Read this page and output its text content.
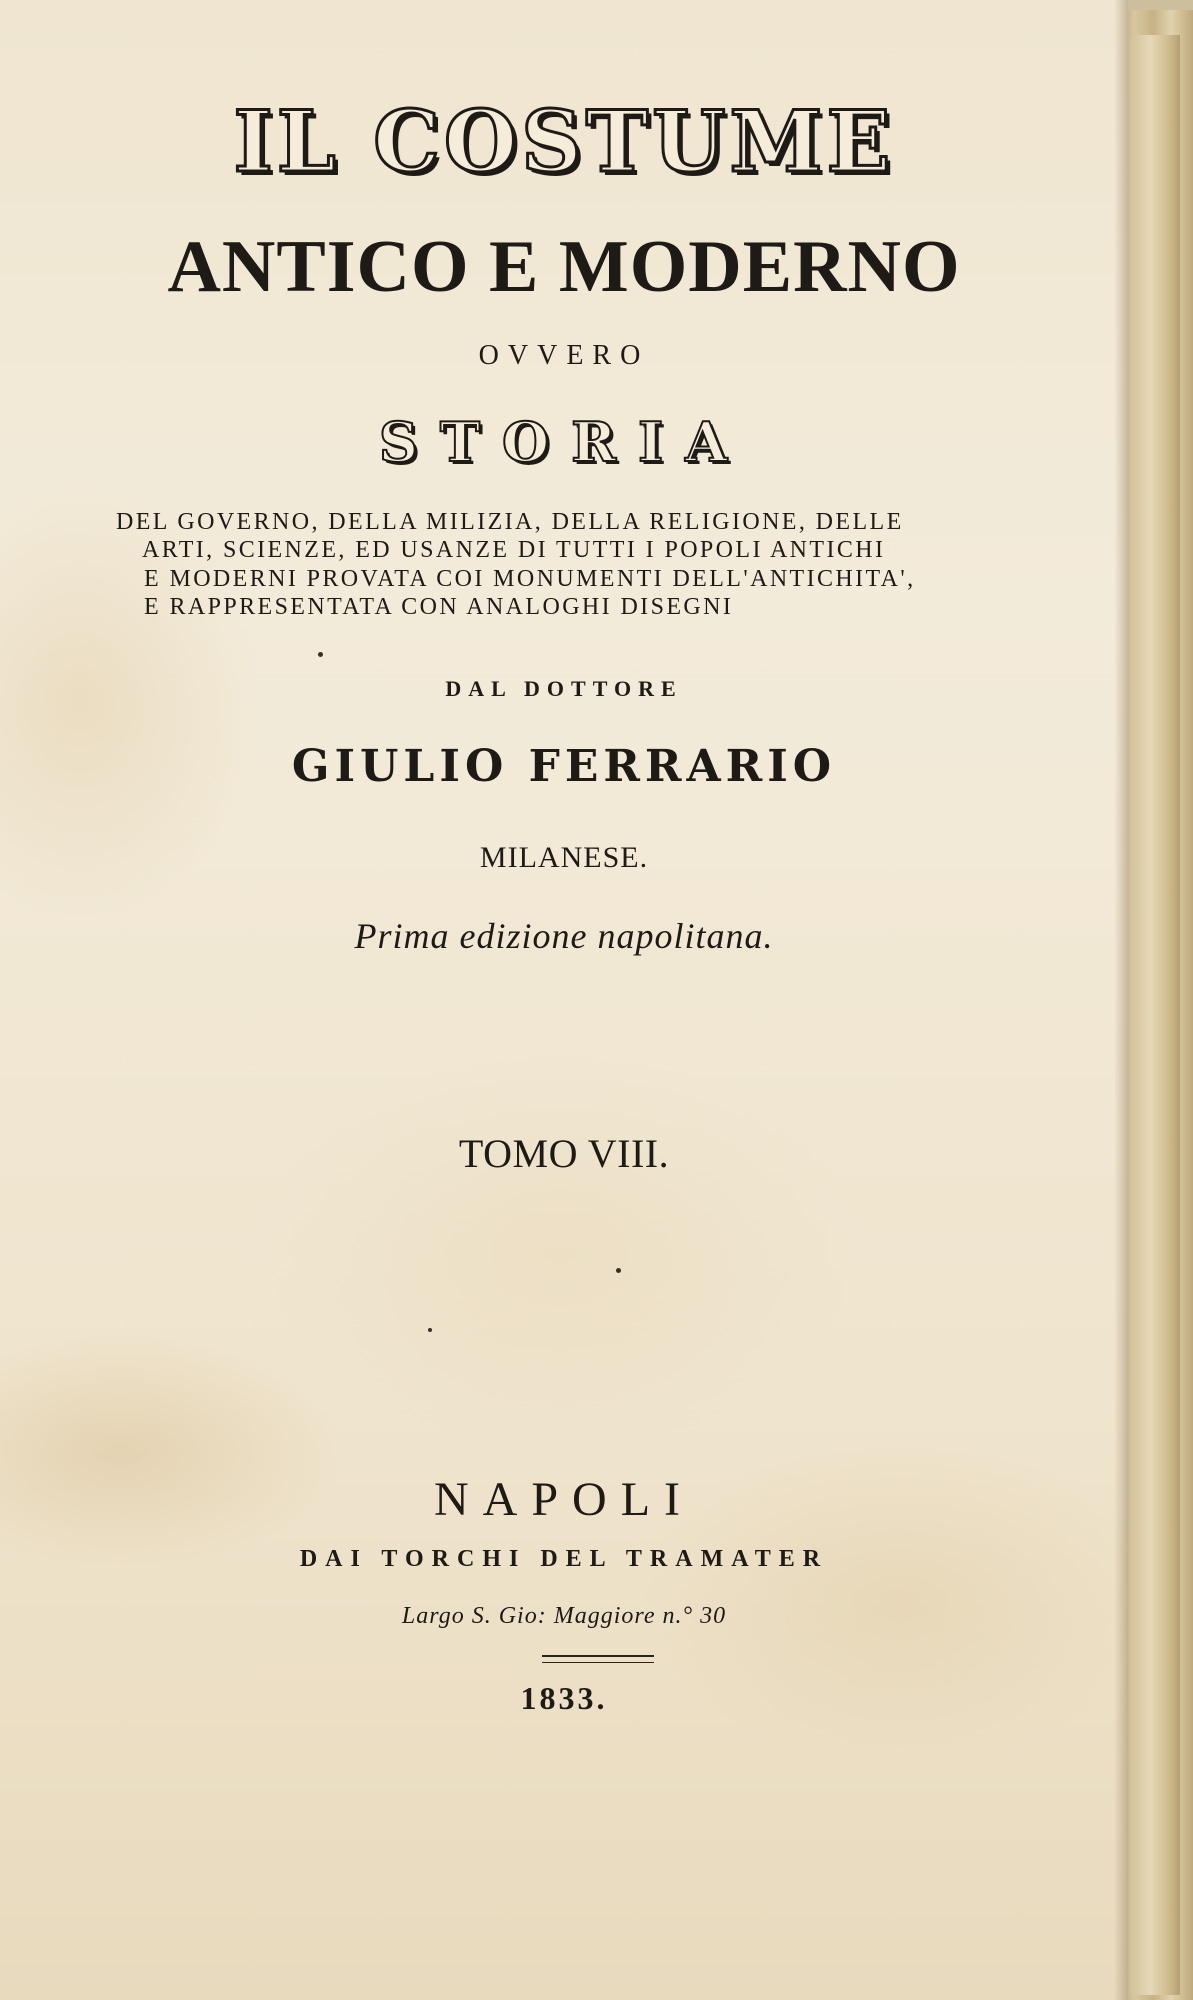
IL COSTUME
ANTICO E MODERNO
OVVERO
STORIA
DEL GOVERNO, DELLA MILIZIA, DELLA RELIGIONE, DELLE
ARTI, SCIENZE, ED USANZE DI TUTTI I POPOLI ANTICHI
E MODERNI PROVATA COI MONUMENTI DELL'ANTICHITA',
E RAPPRESENTATA CON ANALOGHI DISEGNI
DAL DOTTORE
GIULIO FERRARIO
MILANESE.
Prima edizione napolitana.
TOMO VIII.
NAPOLI
DAI TORCHI DEL TRAMATER
Largo S. Gio: Maggiore n.° 30
1833.
